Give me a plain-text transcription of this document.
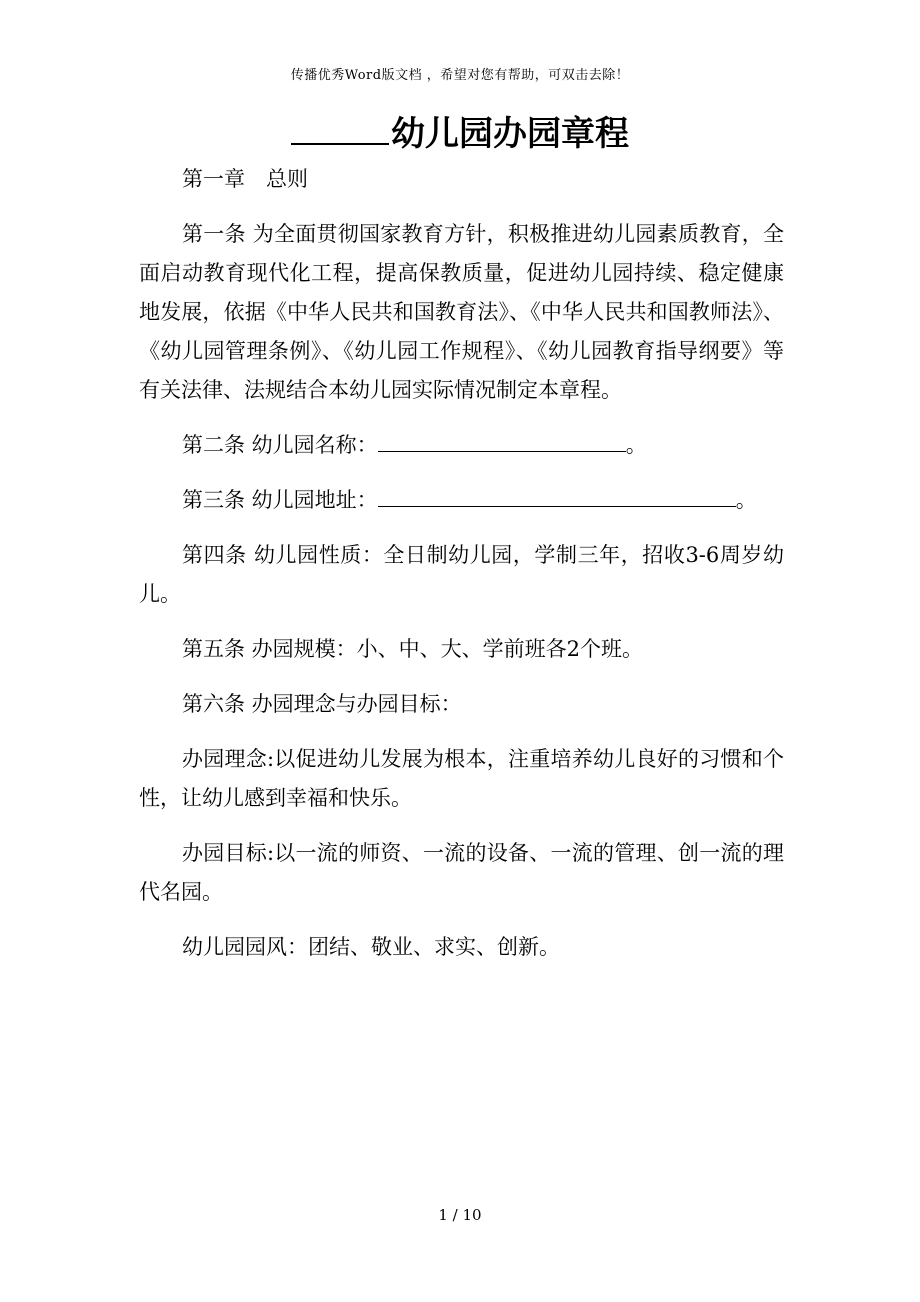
传播优秀Word版文档 ，希望对您有帮助，可双击去除！
幼儿园办园章程

第一章　总则

第一条 为全面贯彻国家教育方针，积极推进幼儿园素质教育，全面启动教育现代化工程，提高保教质量，促进幼儿园持续、稳定健康地发展，依据《中华人民共和国教育法》、《中华人民共和国教师法》、《幼儿园管理条例》、《幼儿园工作规程》、《幼儿园教育指导纲要》等有关法律、法规结合本幼儿园实际情况制定本章程。

第二条 幼儿园名称：	。

第三条 幼儿园地址：	。

第四条 幼儿园性质：全日制幼儿园，学制三年，招收3-6周岁幼儿。

第五条 办园规模：小、中、大、学前班各2个班。

第六条 办园理念与办园目标：

办园理念:以促进幼儿发展为根本，注重培养幼儿良好的习惯和个性，让幼儿感到幸福和快乐。

办园目标:以一流的师资、一流的设备、一流的管理、创一流的理代名园。

幼儿园园风：团结、敬业、求实、创新。

1 / 10
